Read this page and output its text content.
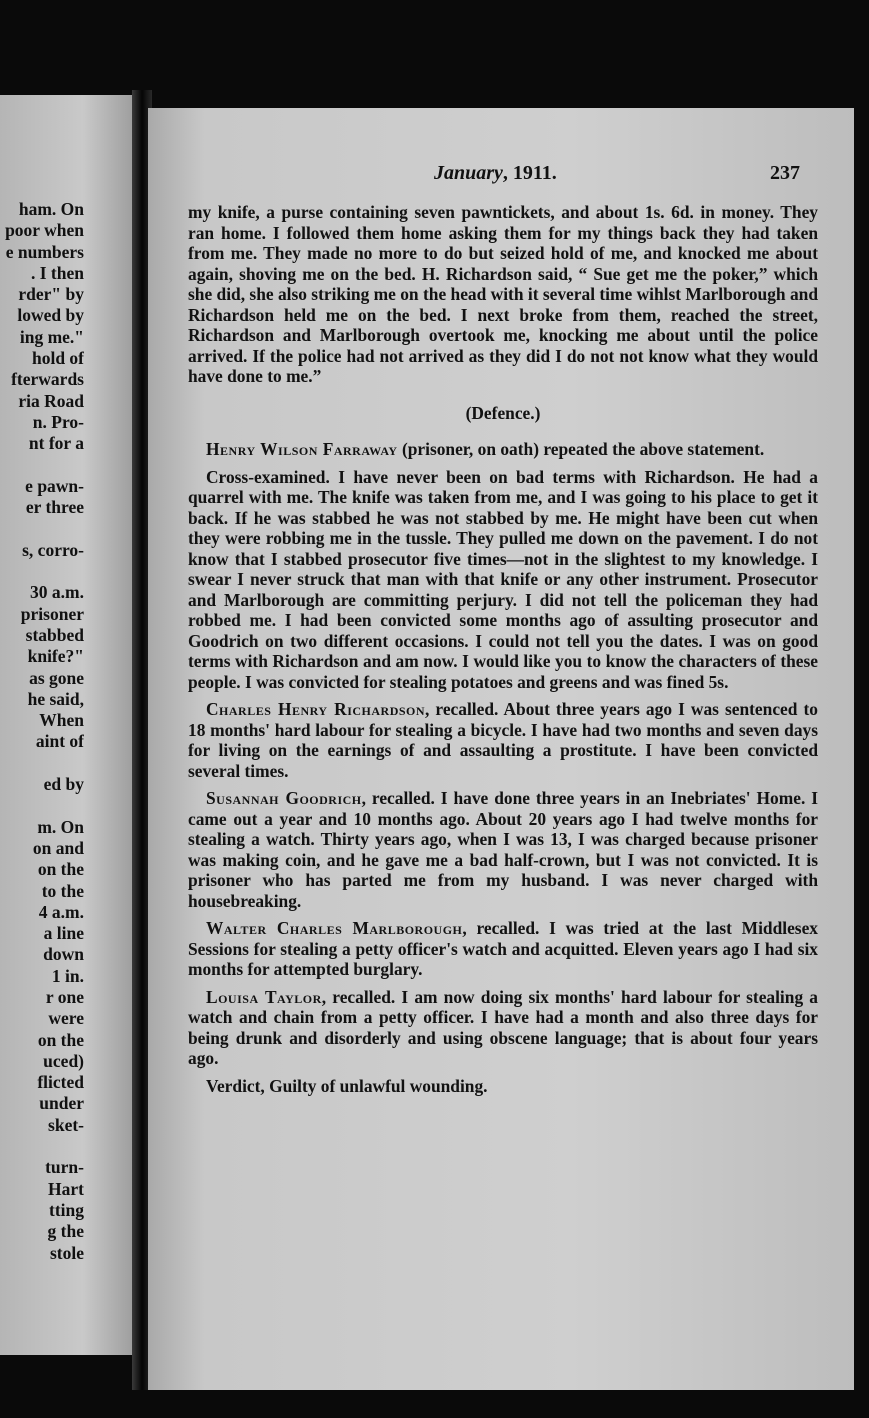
ham. On
poor when
e numbers
. I then
rder" by
lowed by
ing me."
hold of
fterwards
ria Road
n. Pro-
nt for a
e pawn-
er three
s, corro-
30 a.m.
prisoner
stabbed
knife?"
as gone
he said,
When
aint of
ed by
m. On
on and
on the
to the
4 a.m.
a line
down
1 in.
r one
were
on the
uced)
flicted
under
sket-
turn-
Hart
tting
g the
stole
January, 1911.	237

my knife, a purse containing seven pawntickets, and about 1s. 6d. in money. They ran home. I followed them home asking them for my things back they had taken from me. They made no more to do but seized hold of me, and knocked me about again, shoving me on the bed. H. Richardson said, “ Sue get me the poker,” which she did, she also striking me on the head with it several time wihlst Marlborough and Richardson held me on the bed. I next broke from them, reached the street, Richardson and Marlborough overtook me, knocking me about until the police arrived. If the police had not arrived as they did I do not not know what they would have done to me.”

(Defence.)

Henry Wilson Farraway (prisoner, on oath) repeated the above statement.

Cross-examined. I have never been on bad terms with Richardson. He had a quarrel with me. The knife was taken from me, and I was going to his place to get it back. If he was stabbed he was not stabbed by me. He might have been cut when they were robbing me in the tussle. They pulled me down on the pavement. I do not know that I stabbed prosecutor five times—not in the slightest to my knowledge. I swear I never struck that man with that knife or any other instrument. Prosecutor and Marlborough are committing perjury. I did not tell the policeman they had robbed me. I had been convicted some months ago of assulting prosecutor and Goodrich on two different occasions. I could not tell you the dates. I was on good terms with Richardson and am now. I would like you to know the characters of these people. I was convicted for stealing potatoes and greens and was fined 5s.

Charles Henry Richardson, recalled. About three years ago I was sentenced to 18 months' hard labour for stealing a bicycle. I have had two months and seven days for living on the earnings of and assaulting a prostitute. I have been convicted several times.

Susannah Goodrich, recalled. I have done three years in an Inebriates' Home. I came out a year and 10 months ago. About 20 years ago I had twelve months for stealing a watch. Thirty years ago, when I was 13, I was charged because prisoner was making coin, and he gave me a bad half-crown, but I was not convicted. It is prisoner who has parted me from my husband. I was never charged with housebreaking.

Walter Charles Marlborough, recalled. I was tried at the last Middlesex Sessions for stealing a petty officer's watch and acquitted. Eleven years ago I had six months for attempted burglary.

Louisa Taylor, recalled. I am now doing six months' hard labour for stealing a watch and chain from a petty officer. I have had a month and also three days for being drunk and disorderly and using obscene language; that is about four years ago.

Verdict, Guilty of unlawful wounding.
